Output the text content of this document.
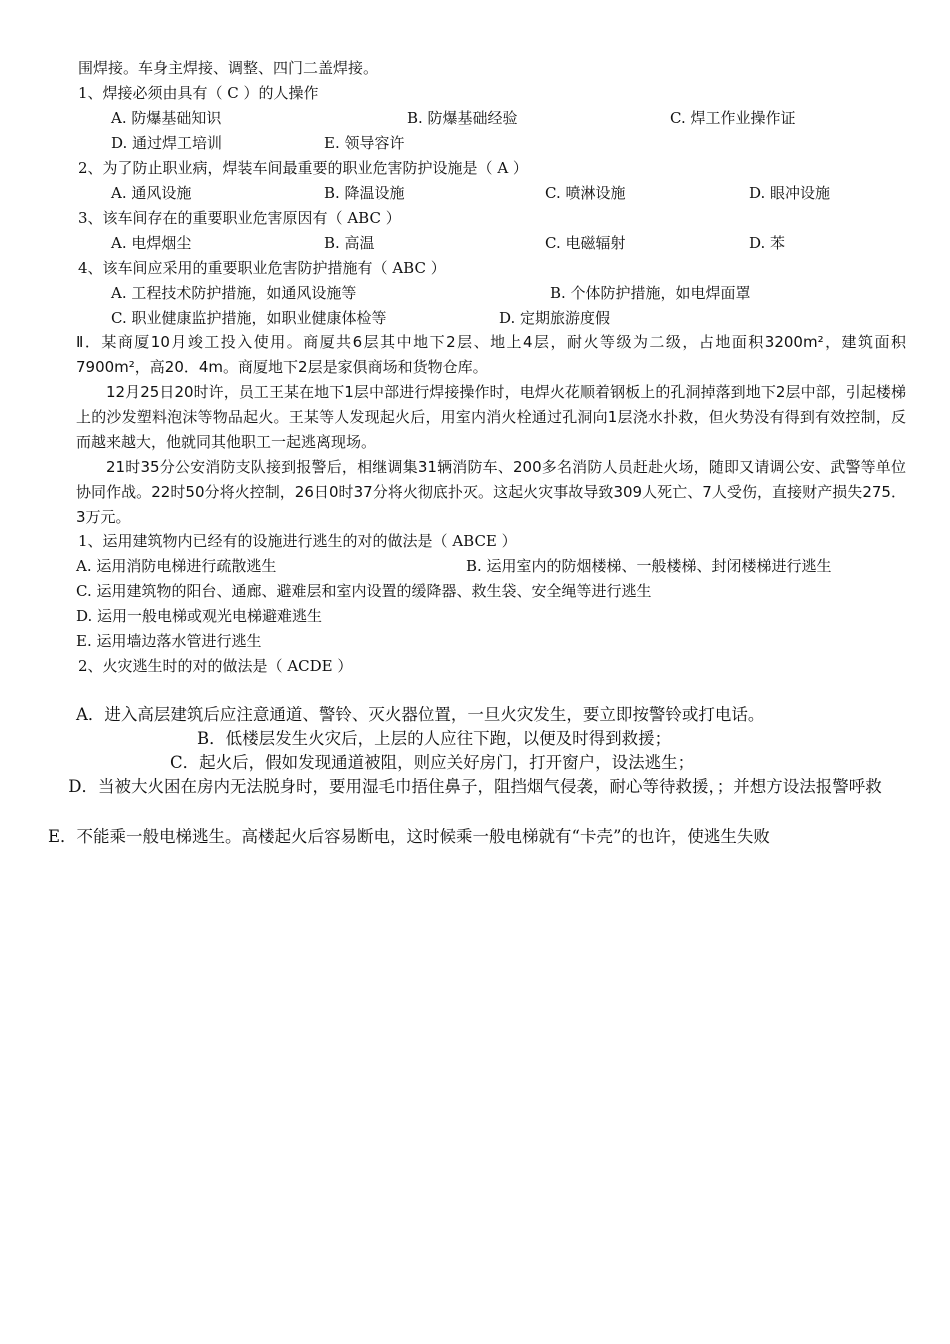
围焊接。车身主焊接、调整、四门二盖焊接。
1、焊接必须由具有（ C ）的人操作
A. 防爆基础知识	B. 防爆基础经验	C. 焊工作业操作证
D. 通过焊工培训	E. 领导容许
2、为了防止职业病，焊装车间最重要的职业危害防护设施是（ A ）
A. 通风设施	B. 降温设施	C. 喷淋设施	D. 眼冲设施
3、该车间存在的重要职业危害原因有（ ABC ）
A. 电焊烟尘	B. 高温	C. 电磁辐射	D. 苯
4、该车间应采用的重要职业危害防护措施有（ ABC ）
A. 工程技术防护措施，如通风设施等	B. 个体防护措施，如电焊面罩
C. 职业健康监护措施，如职业健康体检等	D. 定期旅游度假
Ⅱ．某商厦10月竣工投入使用。商厦共6层其中地下2层、地上4层，耐火等级为二级，占地面积3200m²，建筑面积7900m²，高20．4m。商厦地下2层是家俱商场和货物仓库。
12月25日20时许，员工王某在地下1层中部进行焊接操作时，电焊火花顺着钢板上的孔洞掉落到地下2层中部，引起楼梯上的沙发塑料泡沫等物品起火。王某等人发现起火后，用室内消火栓通过孔洞向1层浇水扑救，但火势没有得到有效控制，反而越来越大，他就同其他职工一起逃离现场。
21时35分公安消防支队接到报警后，相继调集31辆消防车、200多名消防人员赶赴火场，随即又请调公安、武警等单位协同作战。22时50分将火控制，26日0时37分将火彻底扑灭。这起火灾事故导致309人死亡、7人受伤，直接财产损失275．3万元。
1、运用建筑物内已经有的设施进行逃生的对的做法是（ ABCE ）
A. 运用消防电梯进行疏散逃生	B. 运用室内的防烟楼梯、一般楼梯、封闭楼梯进行逃生
C. 运用建筑物的阳台、通廊、避难层和室内设置的缓降器、救生袋、安全绳等进行逃生
D. 运用一般电梯或观光电梯避难逃生
E. 运用墙边落水管进行逃生
2、火灾逃生时的对的做法是（ ACDE ）
A．进入高层建筑后应注意通道、警铃、灭火器位置，一旦火灾发生，要立即按警铃或打电话。
B．低楼层发生火灾后，上层的人应往下跑，以便及时得到救援；
C．起火后，假如发现通道被阻，则应关好房门，打开窗户，设法逃生；
D．当被大火困在房内无法脱身时，要用湿毛巾捂住鼻子，阻挡烟气侵袭，耐心等待救援，；并想方设法报警呼救
E．不能乘一般电梯逃生。高楼起火后容易断电，这时候乘一般电梯就有“卡壳”的也许，使逃生失败
